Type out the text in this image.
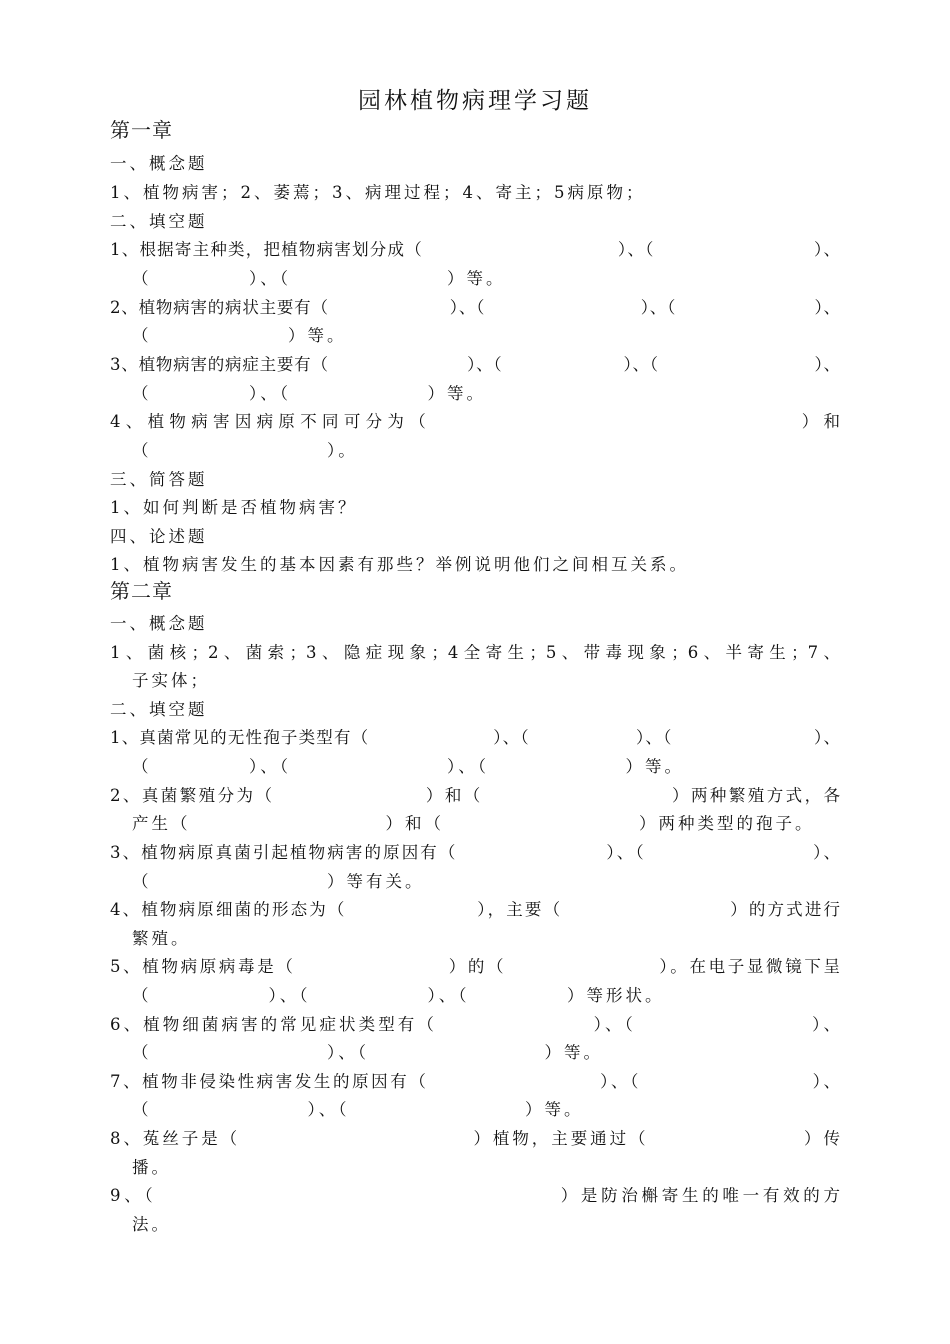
园林植物病理学习题
第一章
一、概念题
1、植物病害；2、萎蔫；3、病理过程；4、寄主；5病原物；
二、填空题
1、根据寄主种类，把植物病害划分成（　　　　　　　　　　　）、（　　　　　　　　　）、
（　　　　　）、（　　　　　　　　）等。
2、植物病害的病状主要有（　　　　　　　）、（　　　　　　　　　）、（　　　　　　　　）、
（　　　　　　　）等。
3、植物病害的病症主要有（　　　　　　　　）、（　　　　　　　）、（　　　　　　　　　）、
（　　　　　）、（　　　　　　　）等。
4、植物病害因病原不同可分为（　　　　　　　　　　　　　　　　　）和
（　　　　　　　　　）。
三、简答题
1、如何判断是否植物病害？
四、论述题
1、植物病害发生的基本因素有那些？举例说明他们之间相互关系。
第二章
一、概念题
1、菌核；2、菌索；3、隐症现象；4全寄生；5、带毒现象；6、半寄生；7、
子实体；
二、填空题
1、真菌常见的无性孢子类型有（　　　　　　　）、（　　　　　　）、（　　　　　　　　）、
（　　　　　）、（　　　　　　　　）、（　　　　　　　）等。
2、真菌繁殖分为（　　　　　　　　）和（　　　　　　　　　　）两种繁殖方式，各
产生（　　　　　　　　　　）和（　　　　　　　　　　）两种类型的孢子。
3、植物病原真菌引起植物病害的原因有（　　　　　　　　）、（　　　　　　　　　）、
（　　　　　　　　　）等有关。
4、植物病原细菌的形态为（　　　　　　　），主要（　　　　　　　　　）的方式进行
繁殖。
5、植物病原病毒是（　　　　　　　　）的（　　　　　　　　）。在电子显微镜下呈
（　　　　　　）、（　　　　　　）、（　　　　　）等形状。
6、植物细菌病害的常见症状类型有（　　　　　　　　）、（　　　　　　　　　）、
（　　　　　　　　　）、（　　　　　　　　　）等。
7、植物非侵染性病害发生的原因有（　　　　　　　　　）、（　　　　　　　　　）、
（　　　　　　　　）、（　　　　　　　　　）等。
8、菟丝子是（　　　　　　　　　　　　）植物，主要通过（　　　　　　　　）传
播。
9、（　　　　　　　　　　　　　　　　　　　　）是防治槲寄生的唯一有效的方
法。
